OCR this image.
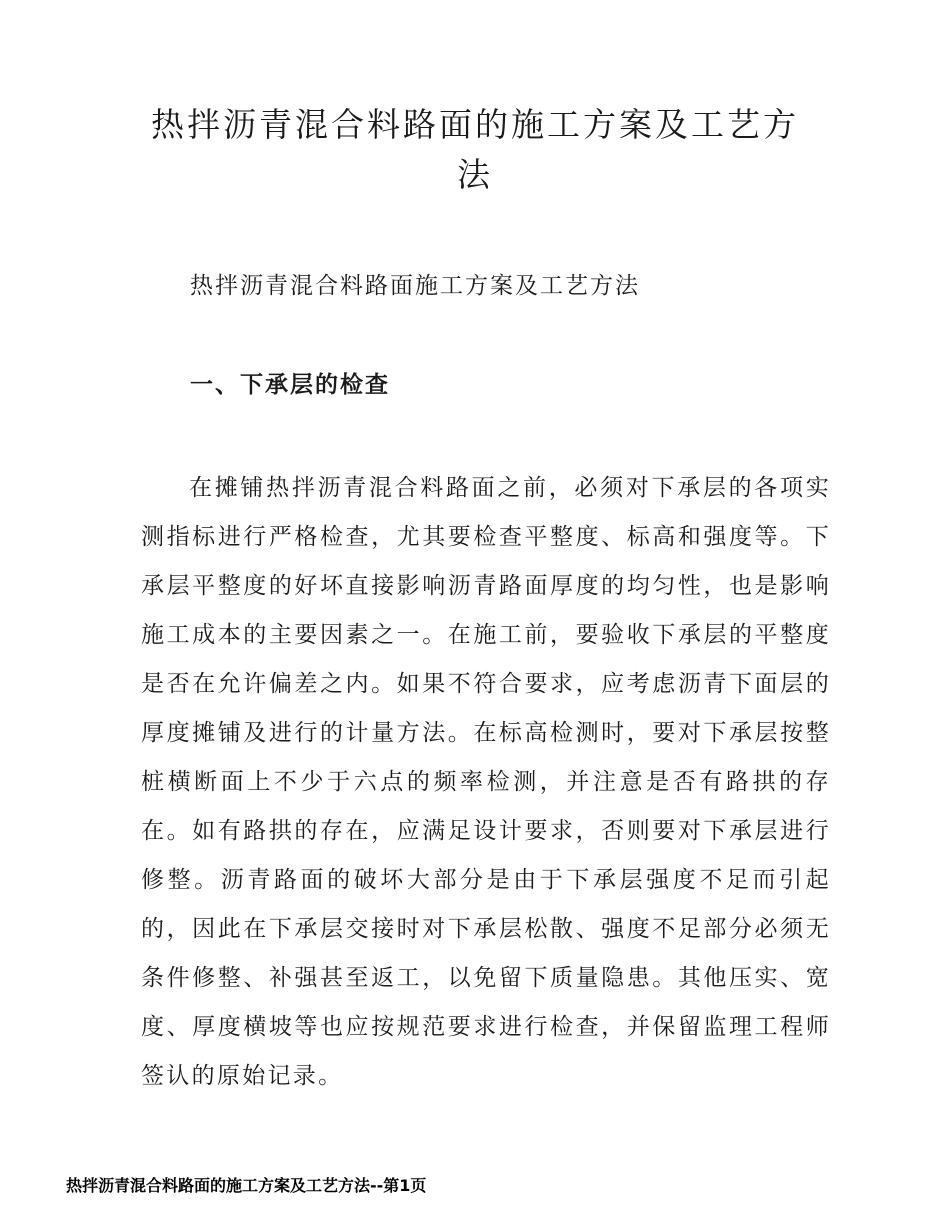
热拌沥青混合料路面的施工方案及工艺方法

热拌沥青混合料路面施工方案及工艺方法

一、下承层的检查

在摊铺热拌沥青混合料路面之前，必须对下承层的各项实测指标进行严格检查，尤其要检查平整度、标高和强度等。下承层平整度的好坏直接影响沥青路面厚度的均匀性，也是影响施工成本的主要因素之一。在施工前，要验收下承层的平整度是否在允许偏差之内。如果不符合要求，应考虑沥青下面层的厚度摊铺及进行的计量方法。在标高检测时，要对下承层按整桩横断面上不少于六点的频率检测，并注意是否有路拱的存在。如有路拱的存在，应满足设计要求，否则要对下承层进行修整。沥青路面的破坏大部分是由于下承层强度不足而引起的，因此在下承层交接时对下承层松散、强度不足部分必须无条件修整、补强甚至返工，以免留下质量隐患。其他压实、宽度、厚度横坡等也应按规范要求进行检查，并保留监理工程师签认的原始记录。

热拌沥青混合料路面的施工方案及工艺方法--第1页
